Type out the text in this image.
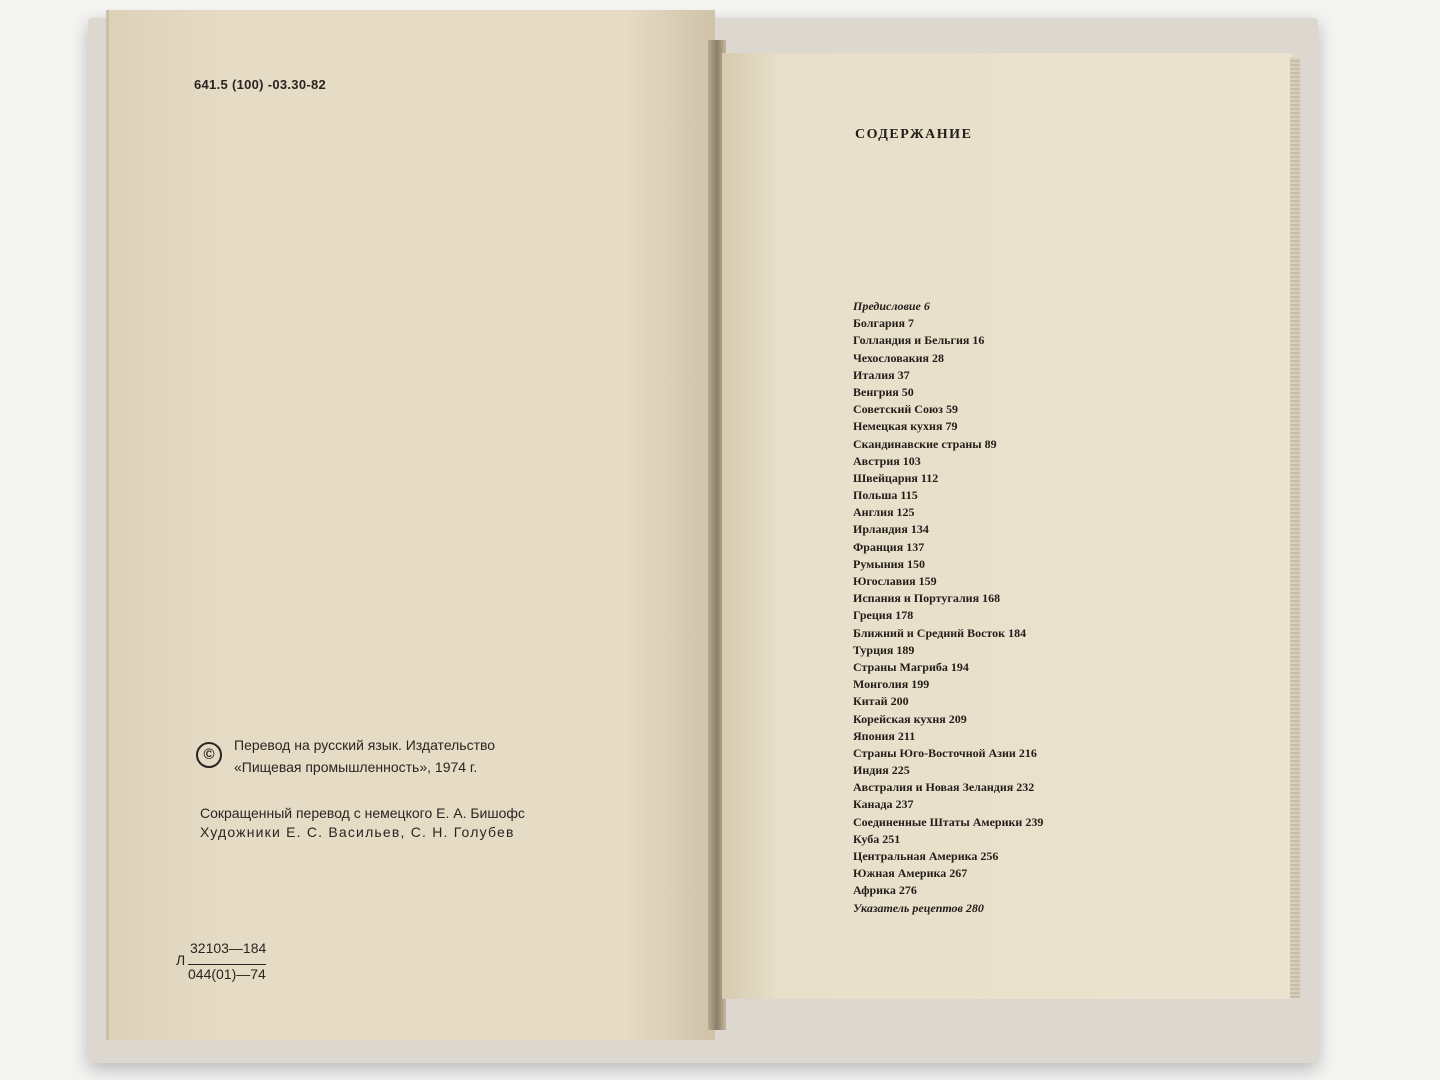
641.5 (100) -03.30-82
©
Перевод на русский язык. Издательство
«Пищевая промышленность», 1974 г.
Сокращенный перевод с немецкого Е. А. Бишофс
Художники Е. С. Васильев, С. Н. Голубев
Л
32103—184
044(01)—74
СОДЕРЖАНИЕ
Предисловие 6
Болгария 7
Голландия и Бельгия 16
Чехословакия 28
Италия 37
Венгрия 50
Советский Союз 59
Немецкая кухня 79
Скандинавские страны 89
Австрия 103
Швейцария 112
Польша 115
Англия 125
Ирландия 134
Франция 137
Румыния 150
Югославия 159
Испания и Португалия 168
Греция 178
Ближний и Средний Восток 184
Турция 189
Страны Магриба 194
Монголия 199
Китай 200
Корейская кухня 209
Япония 211
Страны Юго-Восточной Азии 216
Индия 225
Австралия и Новая Зеландия 232
Канада 237
Соединенные Штаты Америки 239
Куба 251
Центральная Америка 256
Южная Америка 267
Африка 276
Указатель рецептов 280
